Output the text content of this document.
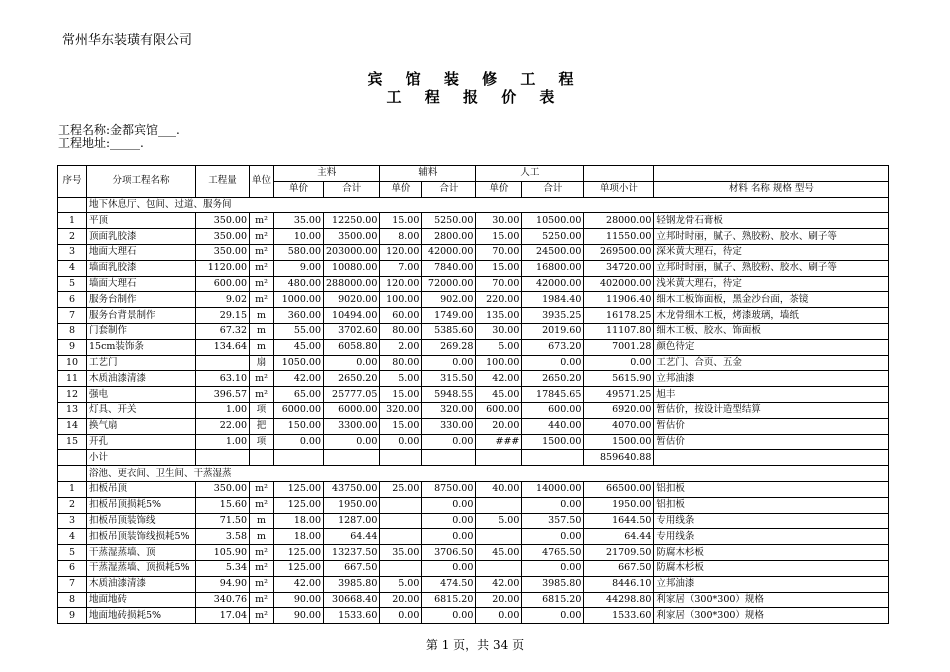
常州华东装璜有限公司
宾 馆 装 修 工 程
工 程 报 价 表
工程名称:金都宾馆___.
工程地址:_____.
序号	分项工程名称	工程量	单位	主料		辅料		人工			
				单价	合计	单价	合计	单价	合计	单项小计	材料 名称 规格 型号
	地下休息厅、包间、过道、服务间										
1	平顶	350.00	m²	35.00	12250.00	15.00	5250.00	30.00	10500.00	28000.00	轻钢龙骨石膏板
2	顶面乳胶漆	350.00	m²	10.00	3500.00	8.00	2800.00	15.00	5250.00	11550.00	立邦时时丽，腻子、熟胶粉、胶水、刷子等
3	地面大理石	350.00	m²	580.00	203000.00	120.00	42000.00	70.00	24500.00	269500.00	深米黄大理石，待定
4	墙面乳胶漆	1120.00	m²	9.00	10080.00	7.00	7840.00	15.00	16800.00	34720.00	立邦时时丽，腻子、熟胶粉、胶水、刷子等
5	墙面大理石	600.00	m²	480.00	288000.00	120.00	72000.00	70.00	42000.00	402000.00	浅米黄大理石，待定
6	服务台制作	9.02	m²	1000.00	9020.00	100.00	902.00	220.00	1984.40	11906.40	细木工板饰面板，黑金沙台面，茶镜
7	服务台背景制作	29.15	m	360.00	10494.00	60.00	1749.00	135.00	3935.25	16178.25	木龙骨细木工板，烤漆玻璃，墙纸
8	门套制作	67.32	m	55.00	3702.60	80.00	5385.60	30.00	2019.60	11107.80	细木工板、胶水、饰面板
9	15cm装饰条	134.64	m	45.00	6058.80	2.00	269.28	5.00	673.20	7001.28	颜色待定
10	工艺门		扇	1050.00	0.00	80.00	0.00	100.00	0.00	0.00	工艺门、合页、五金
11	木质油漆清漆	63.10	m²	42.00	2650.20	5.00	315.50	42.00	2650.20	5615.90	立邦油漆
12	强电	396.57	m²	65.00	25777.05	15.00	5948.55	45.00	17845.65	49571.25	旭丰
13	灯具、开关	1.00	项	6000.00	6000.00	320.00	320.00	600.00	600.00	6920.00	暂估价，按设计造型结算
14	换气扇	22.00	把	150.00	3300.00	15.00	330.00	20.00	440.00	4070.00	暂估价
15	开孔	1.00	项	0.00	0.00	0.00	0.00	###	1500.00	1500.00	暂估价
	小计									859640.88	
	浴池、更衣间、卫生间、干蒸湿蒸										
1	扣板吊顶	350.00	m²	125.00	43750.00	25.00	8750.00	40.00	14000.00	66500.00	铝扣板
2	扣板吊顶损耗5%	15.60	m²	125.00	1950.00		0.00		0.00	1950.00	铝扣板
3	扣板吊顶装饰线	71.50	m	18.00	1287.00		0.00	5.00	357.50	1644.50	专用线条
4	扣板吊顶装饰线损耗5%	3.58	m	18.00	64.44		0.00		0.00	64.44	专用线条
5	干蒸湿蒸墙、顶	105.90	m²	125.00	13237.50	35.00	3706.50	45.00	4765.50	21709.50	防腐木杉板
6	干蒸湿蒸墙、顶损耗5%	5.34	m²	125.00	667.50		0.00		0.00	667.50	防腐木杉板
7	木质油漆清漆	94.90	m²	42.00	3985.80	5.00	474.50	42.00	3985.80	8446.10	立邦油漆
8	地面地砖	340.76	m²	90.00	30668.40	20.00	6815.20	20.00	6815.20	44298.80	利家居（300*300）规格
9	地面地砖损耗5%	17.04	m²	90.00	1533.60	0.00	0.00	0.00	0.00	1533.60	利家居（300*300）规格
第 1 页，共 34 页
